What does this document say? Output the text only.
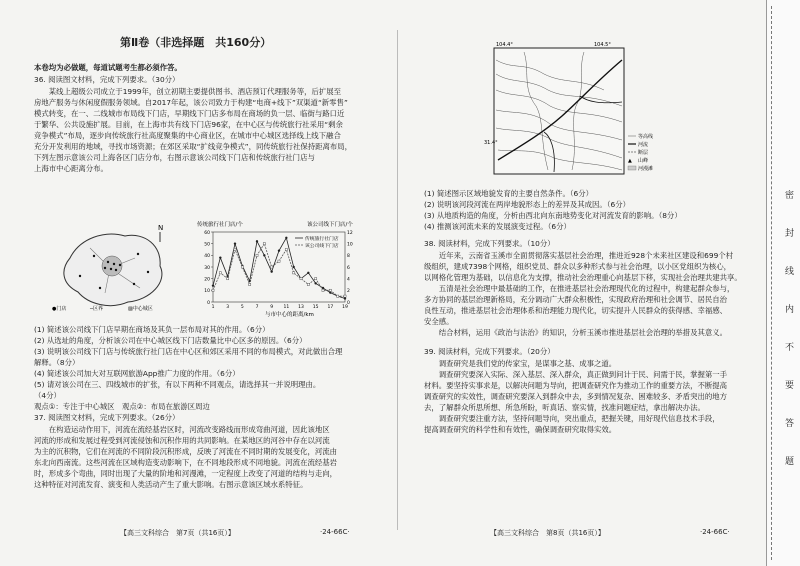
第Ⅱ卷（非选择题　共160分）
本卷均为必做题，每道试题考生都必须作答。
36. 阅读图文材料，完成下列要求。（30分）
　　某线上超级公司成立于1999年，创立初期主要提供图书、酒店预订代理服务等，后扩展至
房地产服务与休闲度假服务领域。自2017年起，该公司致力于构建“电商+线下”双渠道“新零售”
模式转变，在一、二线城市布局线下门店，早期线下门店多布局在商场的负一层、临街与路口近
于繁华、公共设施扩展。目前，在上海市共有线下门店96家，在中心区与传统旅行社采用“剩余
竞争模式”布局，逐步向传统旅行社高度聚集的中心商业区，在城市中心城区选择线上线下融合
充分开发利用的地域，寻找市场资源；在郊区采取“扩线竞争模式”，同传统旅行社保持距离布局，
下列左图示意该公司上海各区门店分布，右图示意该公司线下门店和传统旅行社门店与
上海市中心距离分布。
N
●门店	─区界	▨中心城区
传统旅行社门店/个	该公司线下门店/个
与市中心的距离/km
0
10
20
30
40
50
60
0
2
4
6
8
10
12
1	3	5	7	9 11 13 15 17 19
传统旅行社门店
该公司线下门店
(1) 简述该公司线下门店早期在商场及其负一层布局对其的作用。（6分）
(2) 从选址的角度，分析该公司在中心城区线下门店数量比中心区多的原因。（6分）
(3) 说明该公司线下门店与传统旅行社门店在中心区和郊区采用不同的布局模式，对此做出合理
解释。（8分）
(4) 简述该公司加大对互联网旅游App推广力度的作用。（6分）
(5) 请对该公司在三、四线城市的扩张，有以下两种不同观点，请选择其一并说明理由。
（4分）
观点①：专注于中心城区　观点②：布局在旅游区周边
37. 阅读图文材料，完成下列要求。（26分）
　　在构造运动作用下，河流在流经基岩区时，河流改变路线而形成弯曲河道，因此该地区
河流的形成和发展过程受到河流侵蚀和沉积作用的共同影响。在某地区的河谷中存在以河流
为主的沉积物，它们在河流的不同阶段沉积形成，反映了河流在不同时期的发展变化，河流由
东北向西南流。这些河流在区域构造变动影响下，在不同地段形成不同地貌。河流在流经基岩
时，形成多个弯曲，同时出现了大量的阶地和河漫滩，一定程度上改变了河道的结构与走向，
这种特征对河流发育、演变和人类活动产生了重大影响。右图示意该区域水系特征。
【高三文科综合　第7页（共16页）】	·24-66C·
104.4°	104.5°
31.4°
等高线
河流
断层
▲ 山峰
河漫滩
(1) 简述图示区域地貌发育的主要自然条件。（6分）
(2) 说明该河段河流在两岸地貌形态上的差异及其成因。（6分）
(3) 从地质构造的角度，分析由西北向东南地势变化对河流发育的影响。（8分）
(4) 推测该河流未来的发展演变过程。（6分）
38. 阅读材料，完成下列要求。（10分）
　　近年来，云南省玉溪市全面贯彻落实基层社会治理，推进近928个未来社区建设和699个村
级组织，建成7398个网格，组织党员、群众以多种形式参与社会治理，以小区党组织为核心，
以网格化管理为基础，以信息化为支撑，推动社会治理重心向基层下移，实现社会治理共建共享。
　　五清是社会治理中最基础的工作，在推进基层社会治理现代化的过程中，构建起群众参与，
多方协同的基层治理新格局，充分调动广大群众积极性，实现政府治理和社会调节、居民自治
良性互动，推进基层社会治理体系和治理能力现代化，切实提升人民群众的获得感、幸福感、
安全感。
　　结合材料，运用《政治与法治》的知识，分析玉溪市推进基层社会治理的举措及其意义。
39. 阅读材料，完成下列要求。（20分）
　　调查研究是我们党的传家宝，是谋事之基、成事之道。
　　调查研究要深入实际、深入基层、深入群众，真正做到问计于民、问需于民，掌握第一手
材料。要坚持实事求是，以解决问题为导向，把调查研究作为推动工作的重要方法，不断提高
调查研究的实效性，调查研究要深入到群众中去，多到情况复杂、困难较多、矛盾突出的地方
去，了解群众所思所想、所急所盼，听真话、察实情，找准问题症结，拿出解决办法。
　　调查研究要注重方法，坚持问题导向，突出重点，把握关键，用好现代信息技术手段，
提高调查研究的科学性和有效性，确保调查研究取得实效。
【高三文科综合　第8页（共16页）】	·24-66C·
密　封　线　内　不　要　答　题
